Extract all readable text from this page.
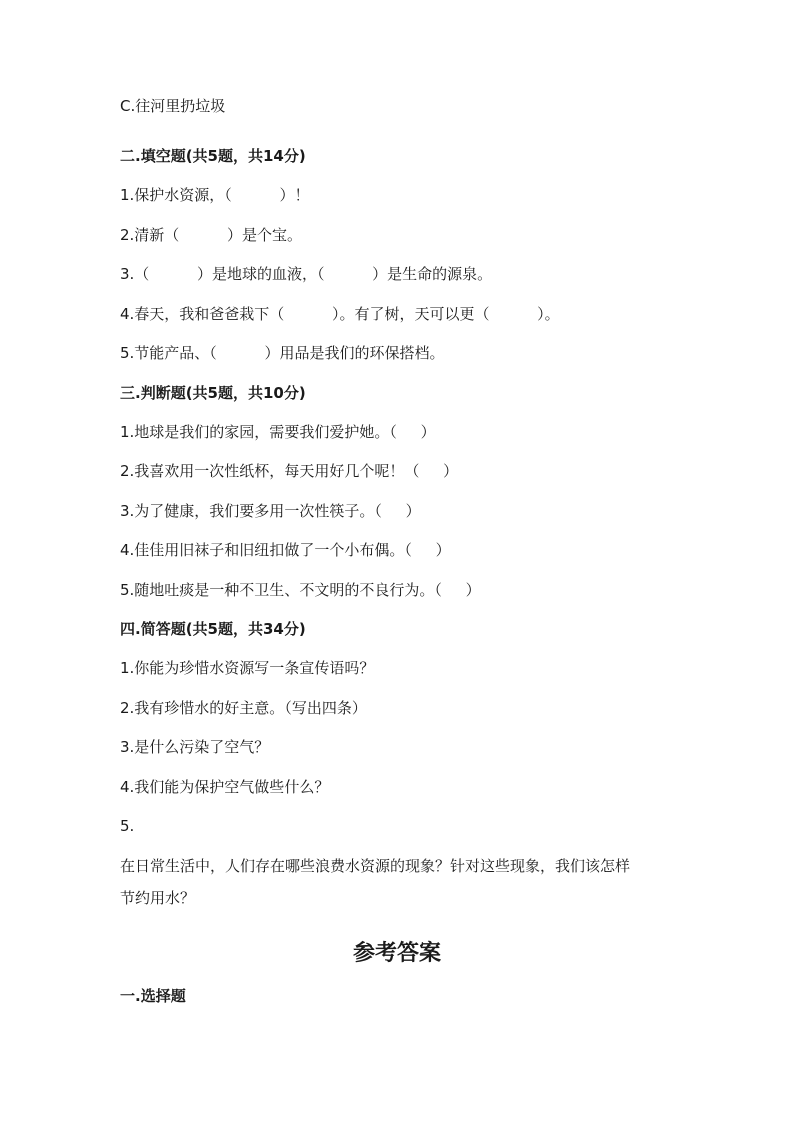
C.往河里扔垃圾
二.填空题(共5题，共14分)
1.保护水资源，（          ）！
2.清新（          ）是个宝。
3.（          ）是地球的血液，（          ）是生命的源泉。
4.春天，我和爸爸栽下（          ）。有了树，天可以更（          ）。
5.节能产品、（          ）用品是我们的环保搭档。
三.判断题(共5题，共10分)
1.地球是我们的家园，需要我们爱护她。（     ）
2.我喜欢用一次性纸杯，每天用好几个呢！（     ）
3.为了健康，我们要多用一次性筷子。（     ）
4.佳佳用旧袜子和旧纽扣做了一个小布偶。（     ）
5.随地吐痰是一种不卫生、不文明的不良行为。（     ）
四.简答题(共5题，共34分)
1.你能为珍惜水资源写一条宣传语吗？
2.我有珍惜水的好主意。（写出四条）
3.是什么污染了空气？
4.我们能为保护空气做些什么？
5.
在日常生活中，人们存在哪些浪费水资源的现象？针对这些现象，我们该怎样
节约用水？
参考答案
一.选择题
